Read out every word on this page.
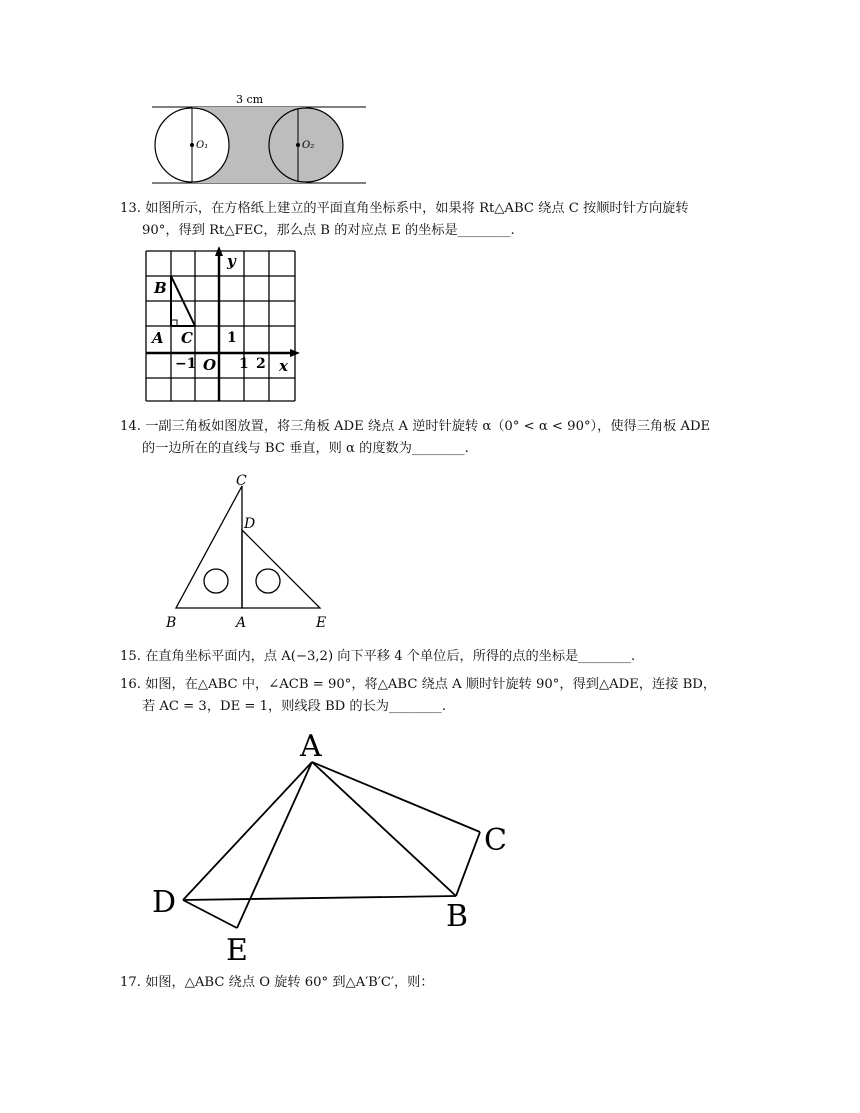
3 cm
O₁	O₂
13. 如图所示，在方格纸上建立的平面直角坐标系中，如果将 Rt△ABC 绕点 C 按顺时针方向旋转
90°，得到 Rt△FEC，那么点 B 的对应点 E 的坐标是________.
B
A C
y
x
O
1
−1	1 2
14. 一副三角板如图放置，将三角板 ADE 绕点 A 逆时针旋转 α（0° < α < 90°），使得三角板 ADE
的一边所在的直线与 BC 垂直，则 α 的度数为________.
C
D
B	A	E
15. 在直角坐标平面内，点 A(−3,2) 向下平移 4 个单位后，所得的点的坐标是________.
16. 如图，在△ABC 中，∠ACB = 90°，将△ABC 绕点 A 顺时针旋转 90°，得到△ADE，连接 BD，
若 AC = 3，DE = 1，则线段 BD 的长为________.
A
C
D	B
E
17. 如图，△ABC 绕点 O 旋转 60° 到△A′B′C′，则：
